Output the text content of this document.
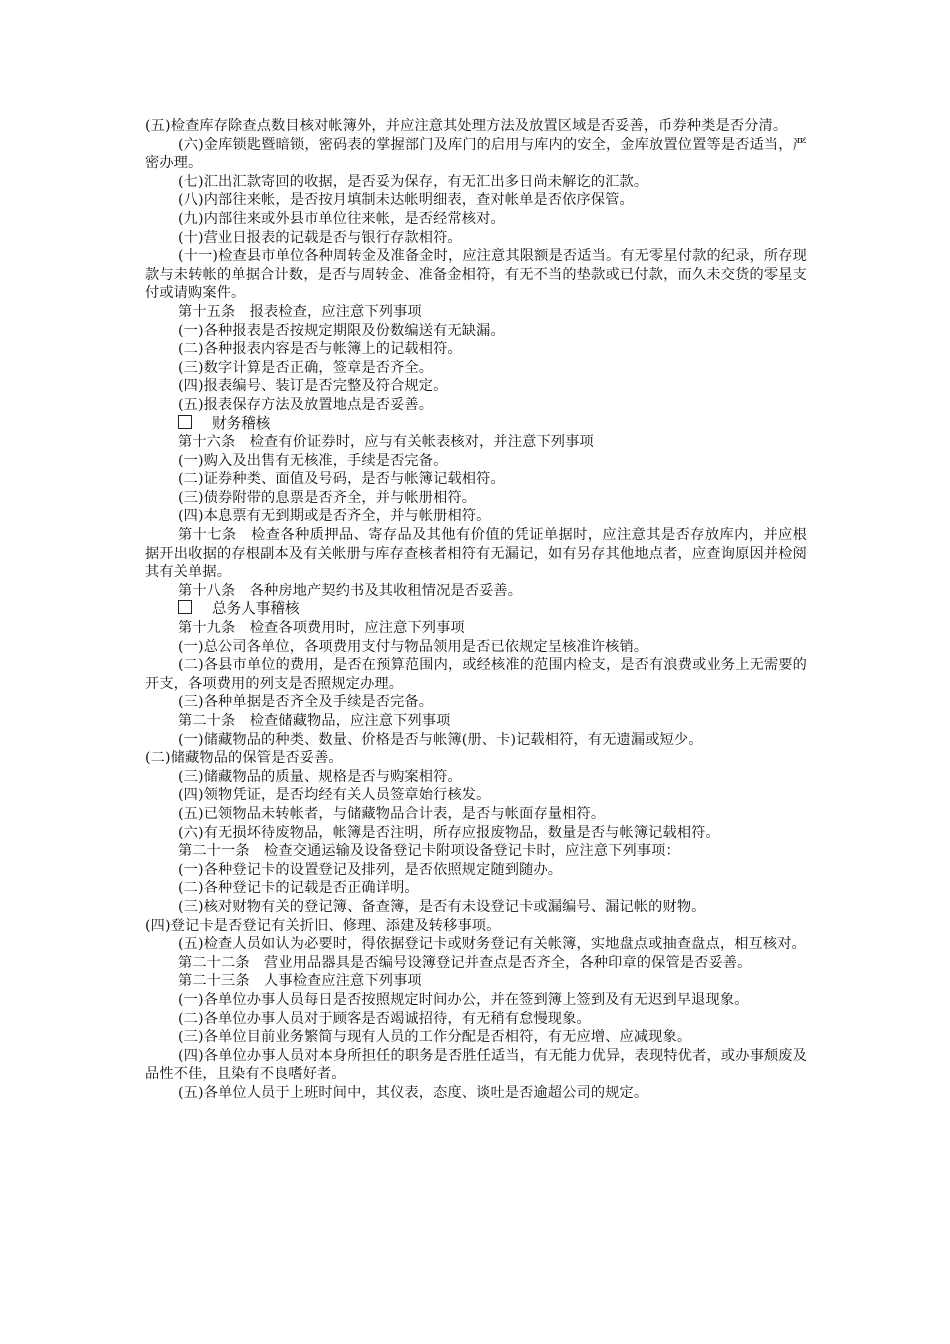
(五)检查库存除查点数目核对帐簿外，并应注意其处理方法及放置区域是否妥善，币券种类是否分清。

(六)金库锁匙暨暗锁，密码表的掌握部门及库门的启用与库内的安全，金库放置位置等是否适当，严密办理。

(七)汇出汇款寄回的收据，是否妥为保存，有无汇出多日尚未解讫的汇款。

(八)内部往来帐，是否按月填制未达帐明细表，查对帐单是否依序保管。

(九)内部往来或外县市单位往来帐，是否经常核对。

(十)营业日报表的记载是否与银行存款相符。

(十一)检查县市单位各种周转金及准备金时，应注意其限额是否适当。有无零星付款的纪录，所存现款与未转帐的单据合计数，是否与周转金、准备金相符，有无不当的垫款或已付款，而久未交货的零星支付或请购案件。

第十五条　报表检查，应注意下列事项

(一)各种报表是否按规定期限及份数编送有无缺漏。

(二)各种报表内容是否与帐簿上的记载相符。

(三)数字计算是否正确，签章是否齐全。

(四)报表编号、装订是否完整及符合规定。

(五)报表保存方法及放置地点是否妥善。

财务稽核

第十六条　检查有价证券时，应与有关帐表核对，并注意下列事项

(一)购入及出售有无核准，手续是否完备。

(二)证券种类、面值及号码，是否与帐簿记载相符。

(三)债券附带的息票是否齐全，并与帐册相符。

(四)本息票有无到期或是否齐全，并与帐册相符。

第十七条　检查各种质押品、寄存品及其他有价值的凭证单据时，应注意其是否存放库内，并应根据开出收据的存根副本及有关帐册与库存查核者相符有无漏记，如有另存其他地点者，应查询原因并检阅其有关单据。

第十八条　各种房地产契约书及其收租情况是否妥善。

总务人事稽核

第十九条　检查各项费用时，应注意下列事项

(一)总公司各单位，各项费用支付与物品领用是否已依规定呈核准许核销。

(二)各县市单位的费用，是否在预算范围内，或经核准的范围内检支，是否有浪费或业务上无需要的开支，各项费用的列支是否照规定办理。

(三)各种单据是否齐全及手续是否完备。

第二十条　检查储藏物品，应注意下列事项

(一)储藏物品的种类、数量、价格是否与帐簿(册、卡)记载相符，有无遗漏或短少。

(二)储藏物品的保管是否妥善。

(三)储藏物品的质量、规格是否与购案相符。

(四)领物凭证，是否均经有关人员签章始行核发。

(五)已领物品未转帐者，与储藏物品合计表，是否与帐面存量相符。

(六)有无损坏待废物品，帐簿是否注明，所存应报废物品，数量是否与帐簿记载相符。

第二十一条　检查交通运输及设备登记卡附项设备登记卡时，应注意下列事项：

(一)各种登记卡的设置登记及排列，是否依照规定随到随办。

(二)各种登记卡的记载是否正确详明。

(三)核对财物有关的登记簿、备查簿，是否有未设登记卡或漏编号、漏记帐的财物。

(四)登记卡是否登记有关折旧、修理、添建及转移事项。

(五)检查人员如认为必要时，得依据登记卡或财务登记有关帐簿，实地盘点或抽查盘点，相互核对。

第二十二条　营业用品器具是否编号设簿登记并查点是否齐全，各种印章的保管是否妥善。

第二十三条　人事检查应注意下列事项

(一)各单位办事人员每日是否按照规定时间办公，并在签到簿上签到及有无迟到早退现象。

(二)各单位办事人员对于顾客是否竭诚招待，有无稍有怠慢现象。

(三)各单位目前业务繁简与现有人员的工作分配是否相符，有无应增、应减现象。

(四)各单位办事人员对本身所担任的职务是否胜任适当，有无能力优异，表现特优者，或办事颓废及品性不佳，且染有不良嗜好者。

(五)各单位人员于上班时间中，其仪表，态度、谈吐是否逾超公司的规定。
